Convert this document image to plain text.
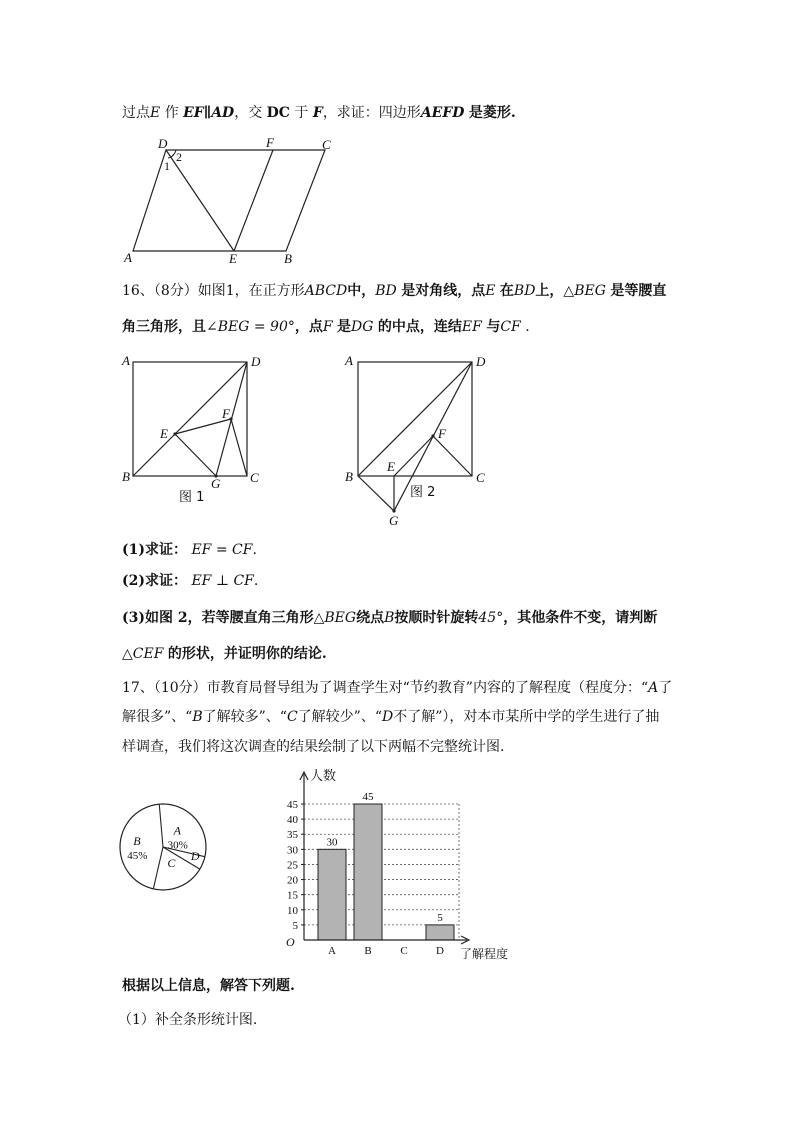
过点E 作 EF∥AD，交 DC 于 F，求证：四边形AEFD 是菱形.
D	F	C
A	E	B
1
2
16、（8分）如图1，在正方形ABCD中，BD 是对角线，点E 在BD上，△BEG 是等腰直
角三角形，且∠BEG = 90°，点F 是DG 的中点，连结EF 与CF .
A	D
B	C
E
F
G
图 1
A	D
B	C
E
F
G
图 2
(1)求证： EF = CF.
(2)求证： EF ⊥ CF.
(3)如图 2，若等腰直角三角形△BEG绕点B按顺时针旋转45°，其他条件不变，请判断
△CEF 的形状，并证明你的结论.
17、（10分）市教育局督导组为了调查学生对“节约教育”内容的了解程度（程度分：“A了
解很多”、“B了解较多”、“C了解较少”、“D不了解”），对本市某所中学的学生进行了抽
样调查，我们将这次调查的结果绘制了以下两幅不完整统计图.
A
30%
B
45% C D
30
45
5
5
10
15
20
25
30
35
40
45
A	B	C	D
人数
了解程度
O
根据以上信息，解答下列题.
（1）补全条形统计图.
